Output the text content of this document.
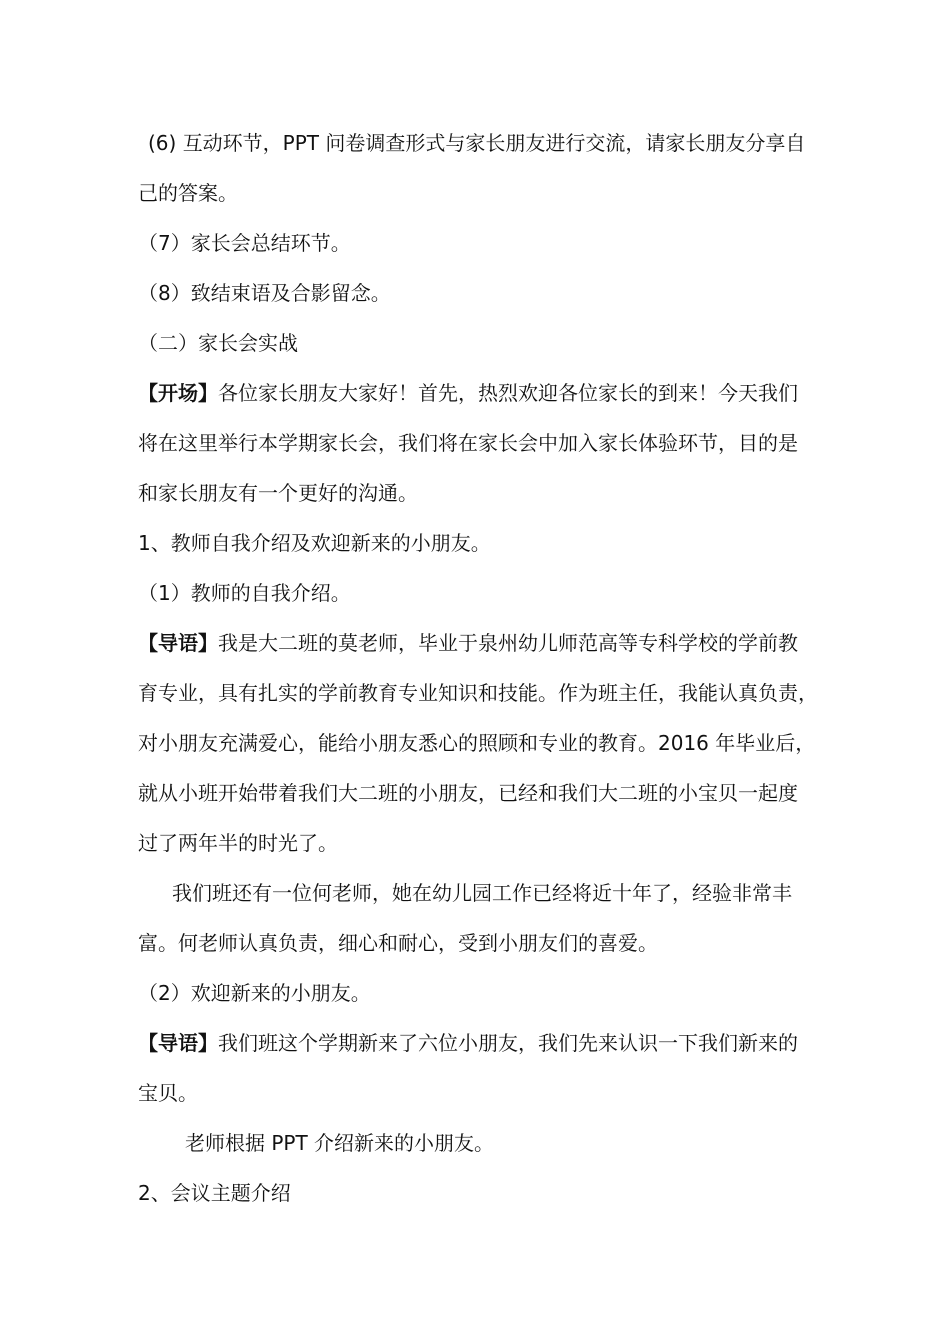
(6) 互动环节，PPT 问卷调查形式与家长朋友进行交流，请家长朋友分享自
己的答案。
（7）家长会总结环节。
（8）致结束语及合影留念。
（二）家长会实战
【开场】各位家长朋友大家好！首先，热烈欢迎各位家长的到来！今天我们
将在这里举行本学期家长会，我们将在家长会中加入家长体验环节，目的是
和家长朋友有一个更好的沟通。
1、教师自我介绍及欢迎新来的小朋友。
（1）教师的自我介绍。
【导语】我是大二班的莫老师，毕业于泉州幼儿师范高等专科学校的学前教
育专业，具有扎实的学前教育专业知识和技能。作为班主任，我能认真负责，
对小朋友充满爱心，能给小朋友悉心的照顾和专业的教育。2016 年毕业后，
就从小班开始带着我们大二班的小朋友，已经和我们大二班的小宝贝一起度
过了两年半的时光了。
我们班还有一位何老师，她在幼儿园工作已经将近十年了，经验非常丰
富。何老师认真负责，细心和耐心，受到小朋友们的喜爱。
（2）欢迎新来的小朋友。
【导语】我们班这个学期新来了六位小朋友，我们先来认识一下我们新来的
宝贝。
老师根据 PPT 介绍新来的小朋友。
2、会议主题介绍
